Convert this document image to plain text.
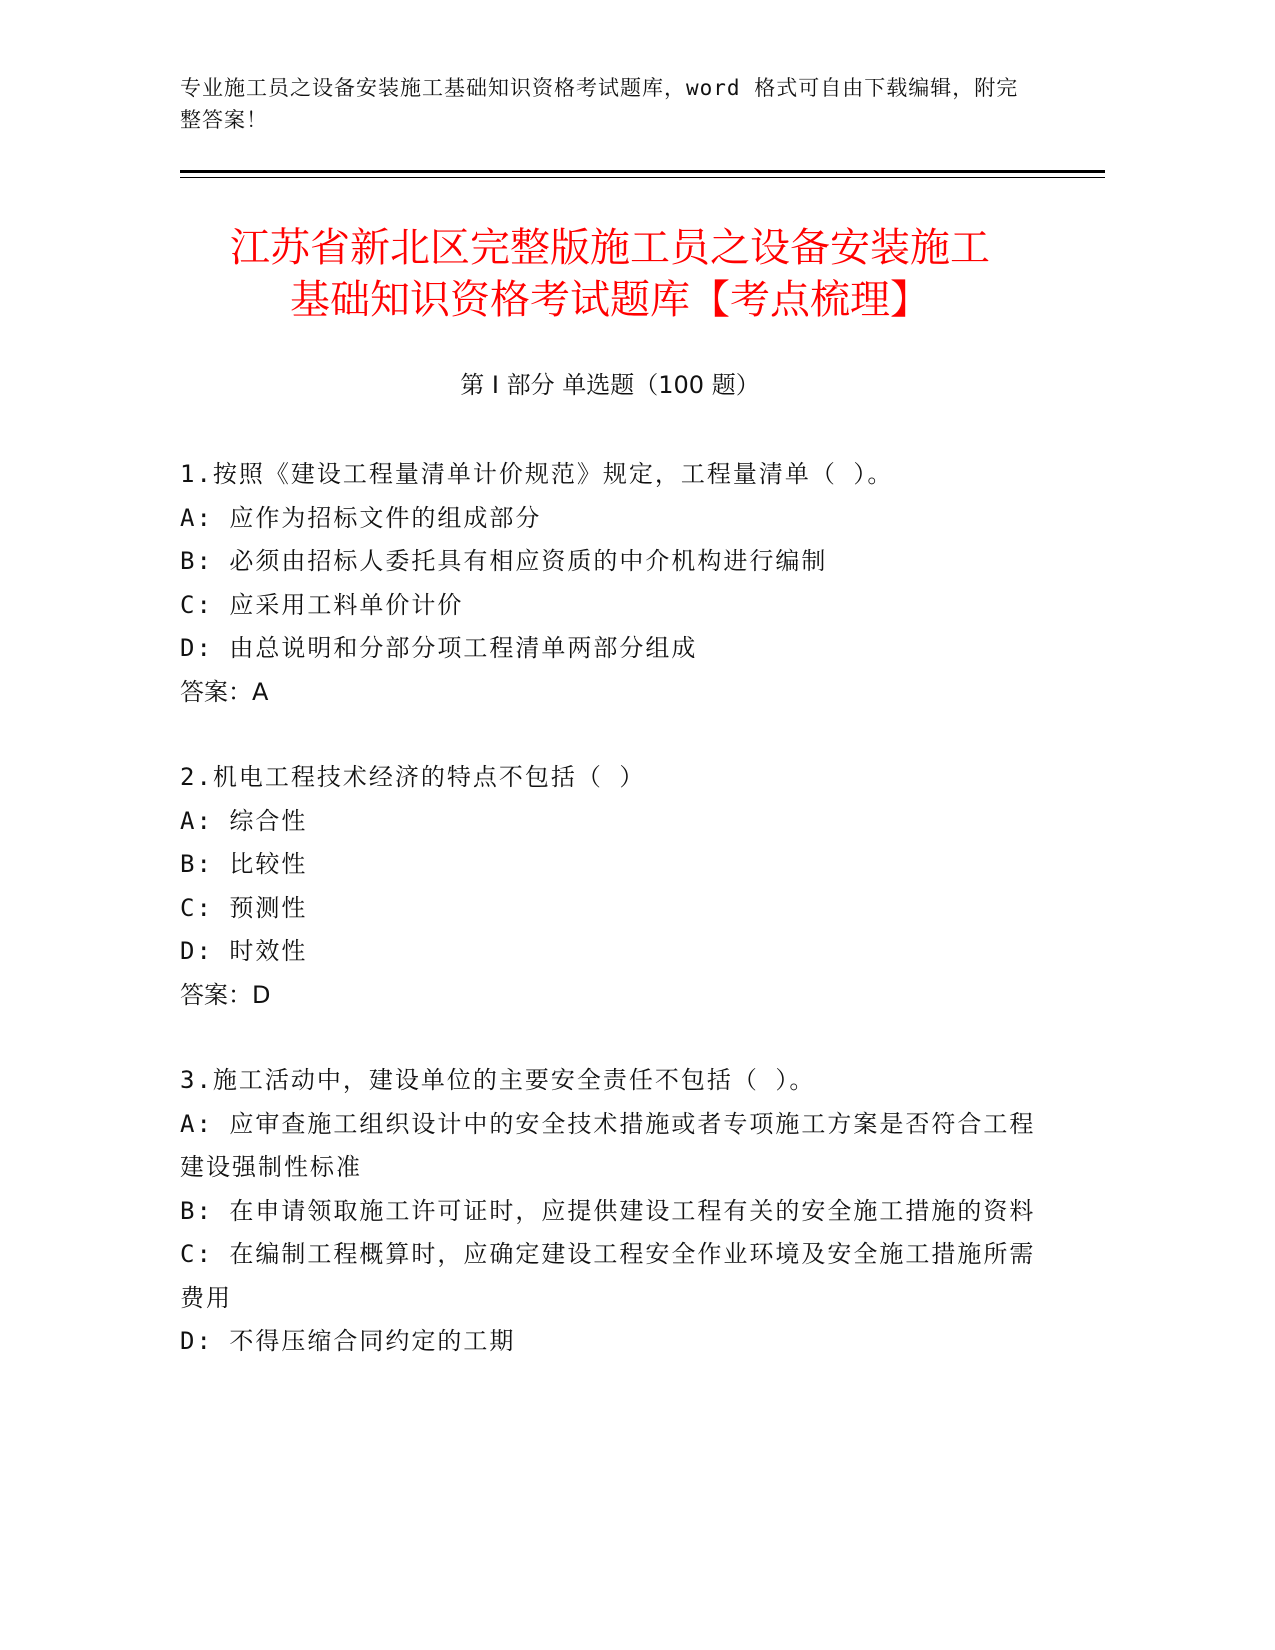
专业施工员之设备安装施工基础知识资格考试题库，word 格式可自由下载编辑，附完整答案！
江苏省新北区完整版施工员之设备安装施工
基础知识资格考试题库【考点梳理】
第 I 部分 单选题（100 题）

1.按照《建设工程量清单计价规范》规定，工程量清单（ ）。

A: 应作为招标文件的组成部分

B: 必须由招标人委托具有相应资质的中介机构进行编制

C: 应采用工料单价计价

D: 由总说明和分部分项工程清单两部分组成

答案：A

2.机电工程技术经济的特点不包括（ ）

A: 综合性

B: 比较性

C: 预测性

D: 时效性

答案：D

3.施工活动中，建设单位的主要安全责任不包括（ ）。

A: 应审查施工组织设计中的安全技术措施或者专项施工方案是否符合工程建设强制性标准

B: 在申请领取施工许可证时，应提供建设工程有关的安全施工措施的资料

C: 在编制工程概算时，应确定建设工程安全作业环境及安全施工措施所需费用

D: 不得压缩合同约定的工期
